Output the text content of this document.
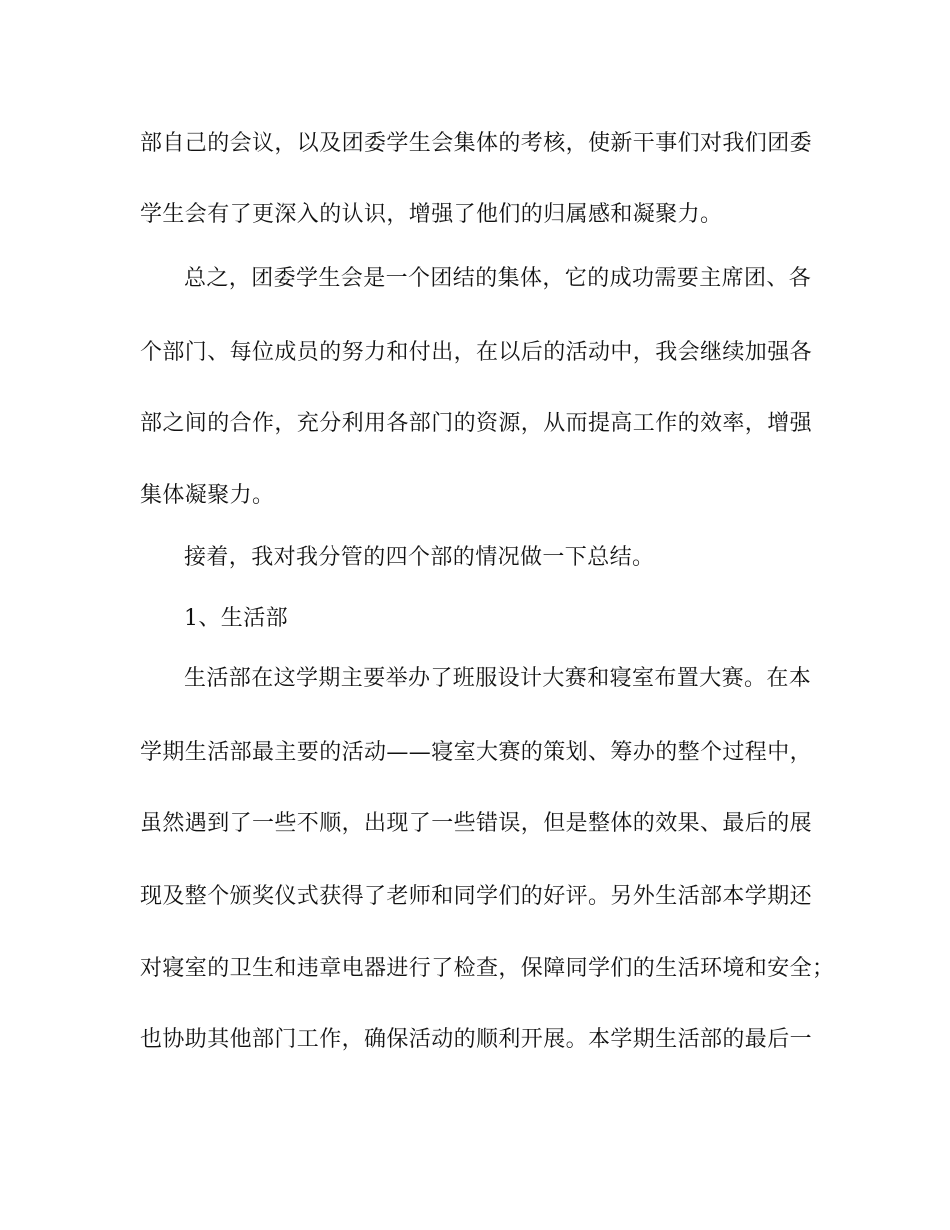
部自己的会议，以及团委学生会集体的考核，使新干事们对我们团委
学生会有了更深入的认识，增强了他们的归属感和凝聚力。
总之，团委学生会是一个团结的集体，它的成功需要主席团、各
个部门、每位成员的努力和付出，在以后的活动中，我会继续加强各
部之间的合作，充分利用各部门的资源，从而提高工作的效率，增强
集体凝聚力。
接着，我对我分管的四个部的情况做一下总结。
1、生活部
生活部在这学期主要举办了班服设计大赛和寝室布置大赛。在本
学期生活部最主要的活动——寝室大赛的策划、筹办的整个过程中，
虽然遇到了一些不顺，出现了一些错误，但是整体的效果、最后的展
现及整个颁奖仪式获得了老师和同学们的好评。另外生活部本学期还
对寝室的卫生和违章电器进行了检查，保障同学们的生活环境和安全；
也协助其他部门工作，确保活动的顺利开展。本学期生活部的最后一
